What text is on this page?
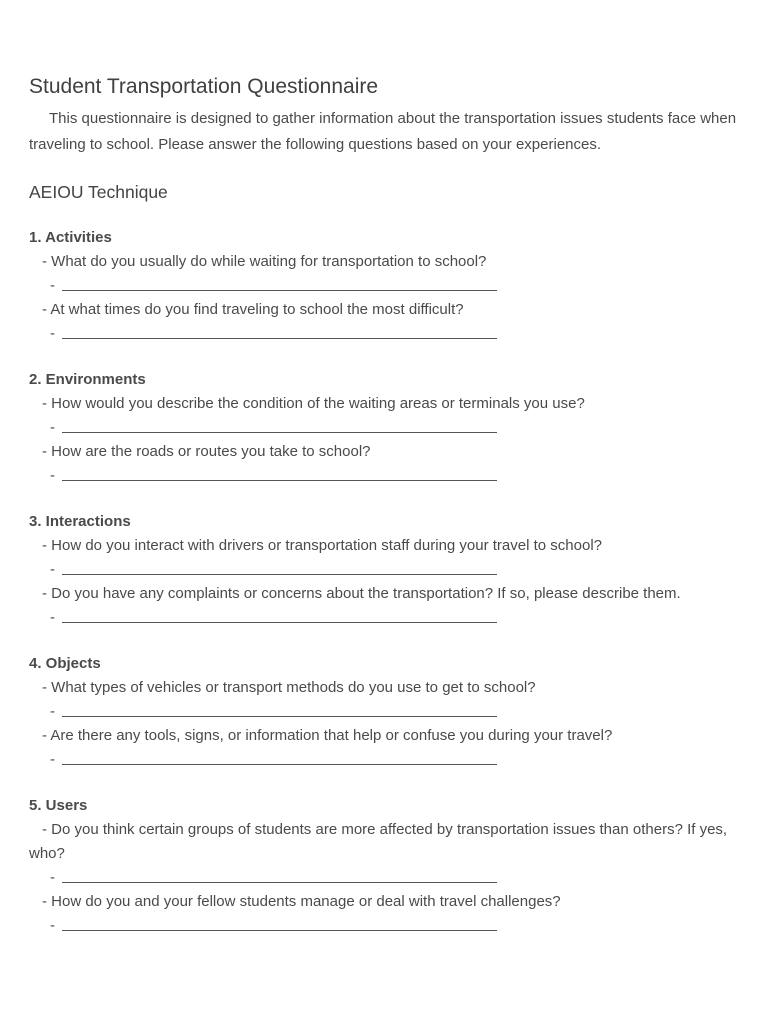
Student Transportation Questionnaire
This questionnaire is designed to gather information about the transportation issues students face when traveling to school. Please answer the following questions based on your experiences.
AEIOU Technique
1. Activities
- What do you usually do while waiting for transportation to school?
-
- At what times do you find traveling to school the most difficult?
-
2. Environments
- How would you describe the condition of the waiting areas or terminals you use?
-
- How are the roads or routes you take to school?
-
3. Interactions
- How do you interact with drivers or transportation staff during your travel to school?
-
- Do you have any complaints or concerns about the transportation? If so, please describe them.
-
4. Objects
- What types of vehicles or transport methods do you use to get to school?
-
- Are there any tools, signs, or information that help or confuse you during your travel?
-
5. Users
- Do you think certain groups of students are more affected by transportation issues than others? If yes, who?
-
- How do you and your fellow students manage or deal with travel challenges?
-
